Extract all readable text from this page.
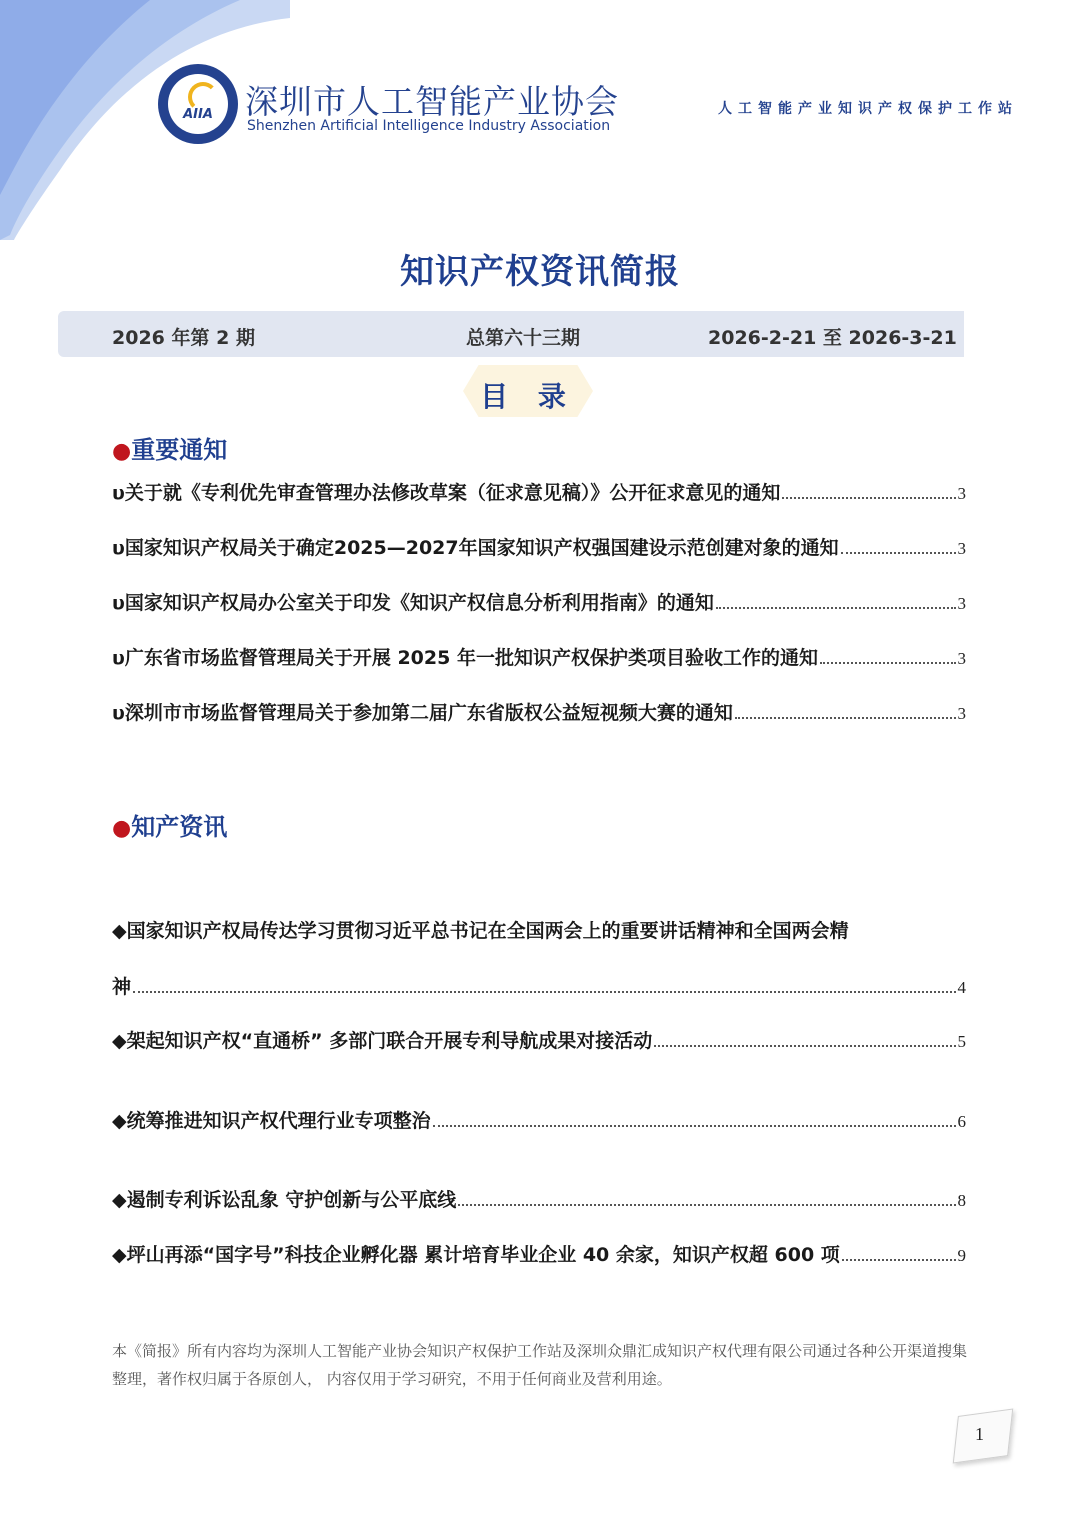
AIIA 深圳市人工智能产业协会
Shenzhen Artificial Intelligence Industry Association
人工智能产业知识产权保护工作站
知识产权资讯简报
2026 年第 2 期	总第六十三期	2026-2-21 至 2026-3-21
目 录
●重要通知
υ关于就《专利优先审查管理办法修改草案（征求意见稿）》公开征求意见的通知	3
υ国家知识产权局关于确定2025—2027年国家知识产权强国建设示范创建对象的通知	3
υ国家知识产权局办公室关于印发《知识产权信息分析利用指南》的通知	3
υ广东省市场监督管理局关于开展 2025 年一批知识产权保护类项目验收工作的通知	3
υ深圳市市场监督管理局关于参加第二届广东省版权公益短视频大赛的通知	3
●知产资讯
◆国家知识产权局传达学习贯彻习近平总书记在全国两会上的重要讲话精神和全国两会精
神	4
◆架起知识产权“直通桥” 多部门联合开展专利导航成果对接活动	5
◆统筹推进知识产权代理行业专项整治	6
◆遏制专利诉讼乱象 守护创新与公平底线	8
◆坪山再添“国字号”科技企业孵化器 累计培育毕业企业 40 余家，知识产权超 600 项	9
本《简报》所有内容均为深圳人工智能产业协会知识产权保护工作站及深圳众鼎汇成知识产权代理有限公司通过各种公开渠道搜集整理，著作权归属于各原创人， 内容仅用于学习研究，不用于任何商业及营利用途。
1
